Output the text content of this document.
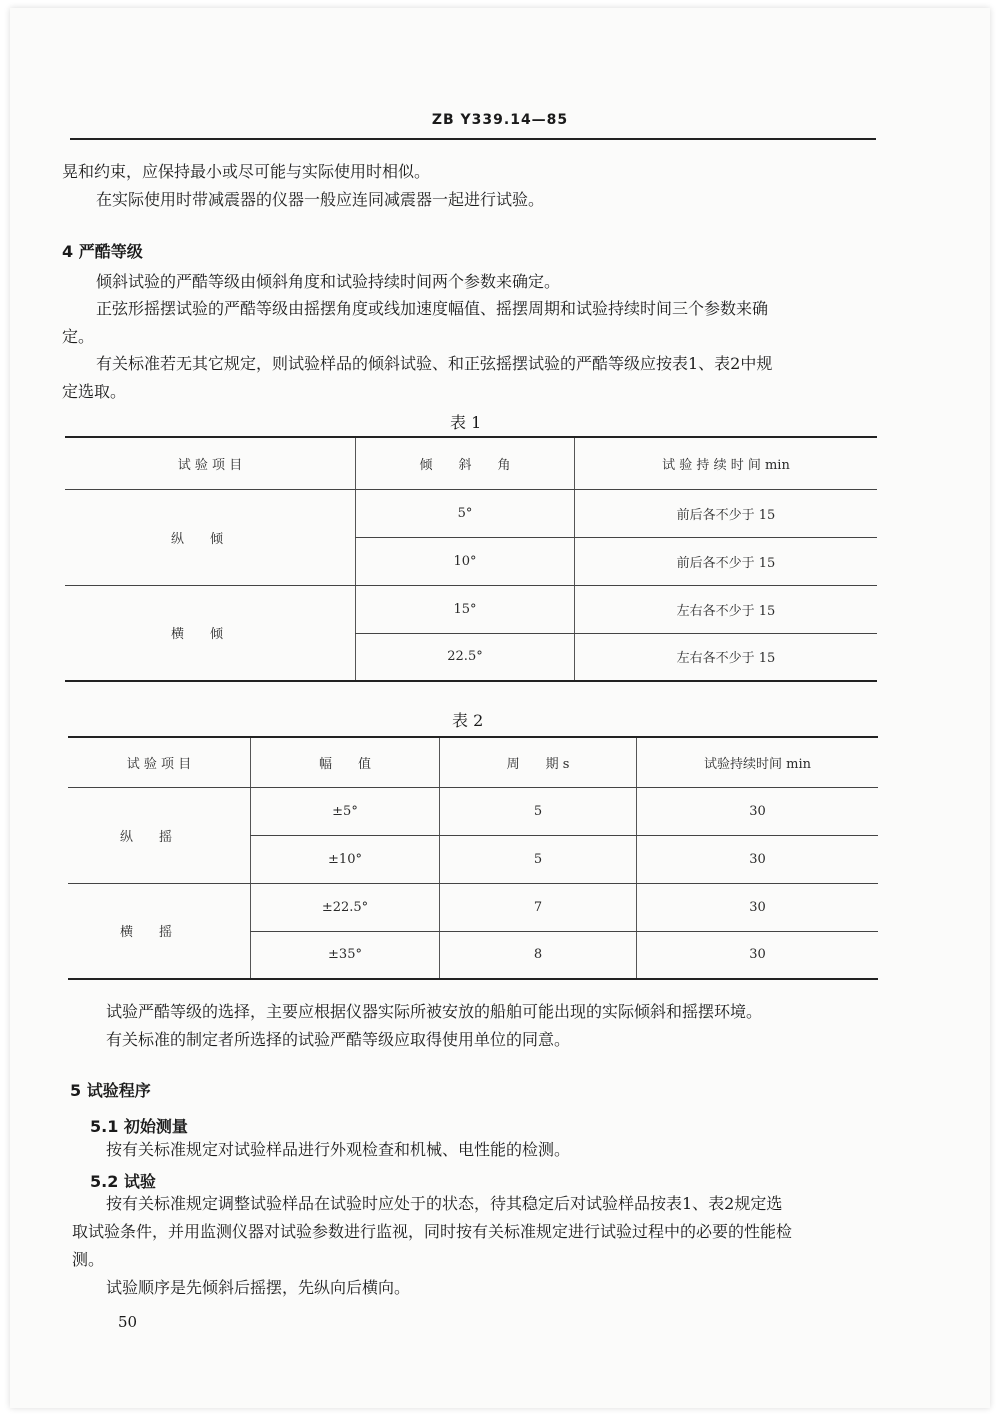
ZB Y339.14—85
晃和约束，应保持最小或尽可能与实际使用时相似。
在实际使用时带减震器的仪器一般应连同减震器一起进行试验。
4 严酷等级
倾斜试验的严酷等级由倾斜角度和试验持续时间两个参数来确定。
正弦形摇摆试验的严酷等级由摇摆角度或线加速度幅值、摇摆周期和试验持续时间三个参数来确
定。
有关标准若无其它规定，则试验样品的倾斜试验、和正弦摇摆试验的严酷等级应按表1、表2中规
定选取。
表 1
试 验 项 目	倾　　斜　　角	试 验 持 续 时 间 min
纵倾	5°	前后各不少于 15
	10°	前后各不少于 15
横倾	15°	左右各不少于 15
	22.5°	左右各不少于 15
表 2
试 验 项 目	幅　　值	周　　期 s	试验持续时间 min
纵摇	±5°	5	30
	±10°	5	30
横摇	±22.5°	7	30
	±35°	8	30
试验严酷等级的选择，主要应根据仪器实际所被安放的船舶可能出现的实际倾斜和摇摆环境。
有关标准的制定者所选择的试验严酷等级应取得使用单位的同意。
5 试验程序
5.1 初始测量
按有关标准规定对试验样品进行外观检查和机械、电性能的检测。
5.2 试验
按有关标准规定调整试验样品在试验时应处于的状态，待其稳定后对试验样品按表1、表2规定选
取试验条件，并用监测仪器对试验参数进行监视，同时按有关标准规定进行试验过程中的必要的性能检
测。
试验顺序是先倾斜后摇摆，先纵向后横向。
50
